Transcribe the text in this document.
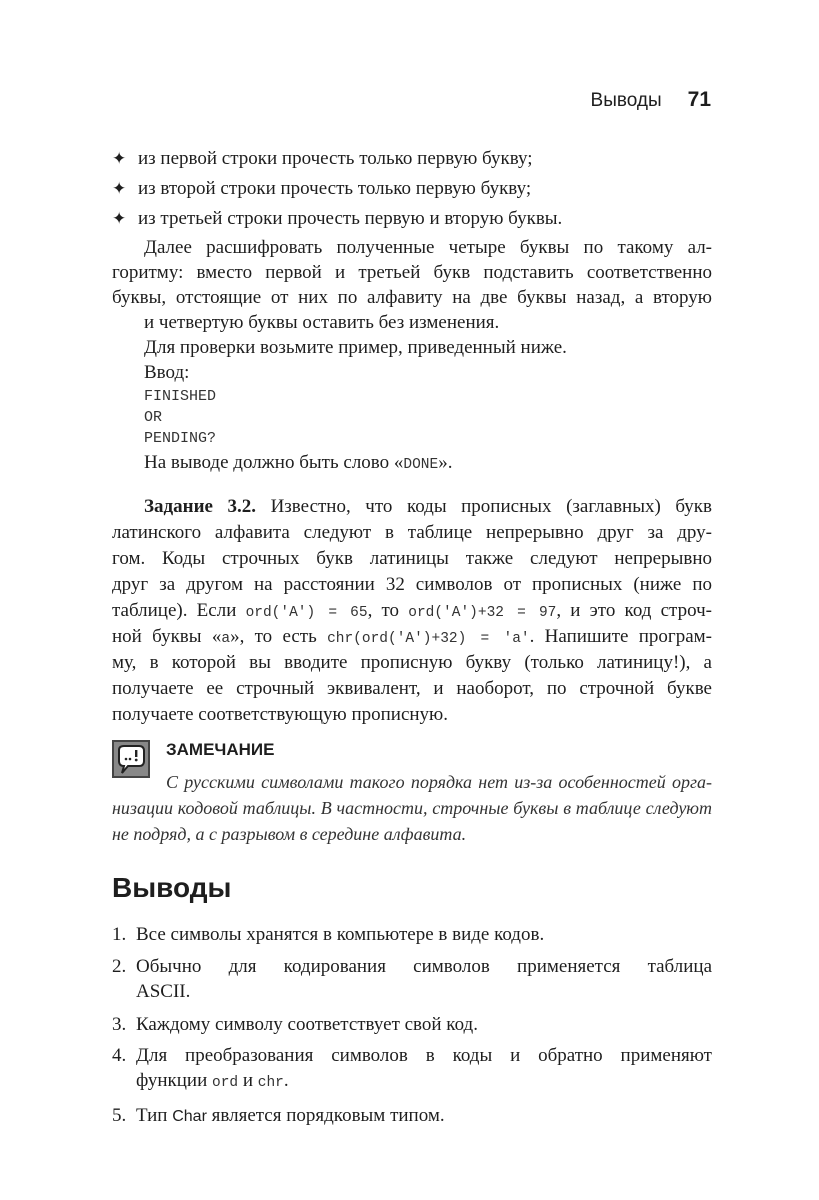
Выводы 71
✦ из первой строки прочесть только первую букву;
✦ из второй строки прочесть только первую букву;
✦ из третьей строки прочесть первую и вторую буквы.
Далее расшифровать полученные четыре буквы по такому ал-
горитму: вместо первой и третьей букв подставить соответственно
буквы, отстоящие от них по алфавиту на две буквы назад, а вторую
и четвертую буквы оставить без изменения.
Для проверки возьмите пример, приведенный ниже.
Ввод:
FINISHED
OR
PENDING?
На выводе должно быть слово «DONE».
Задание 3.2. Известно, что коды прописных (заглавных) букв
латинского алфавита следуют в таблице непрерывно друг за дру-
гом. Коды строчных букв латиницы также следуют непрерывно
друг за другом на расстоянии 32 символов от прописных (ниже по
таблице). Если ord('A') = 65, то ord('A')+32 = 97, и это код строч-
ной буквы «a», то есть chr(ord('A')+32) = 'a'. Напишите програм-
му, в которой вы вводите прописную букву (только латиницу!), а
получаете ее строчный эквивалент, и наоборот, по строчной букве
получаете соответствующую прописную.
ЗАМЕЧАНИЕ
С русскими символами такого порядка нет из-за особенностей орга-
низации кодовой таблицы. В частности, строчные буквы в таблице следуют
не подряд, а с разрывом в середине алфавита.
Выводы
1. Все символы хранятся в компьютере в виде кодов.
2. Обычно для кодирования символов применяется таблица
ASCII.
3. Каждому символу соответствует свой код.
4. Для преобразования символов в коды и обратно применяют
функции ord и chr.
5. Тип Char является порядковым типом.
